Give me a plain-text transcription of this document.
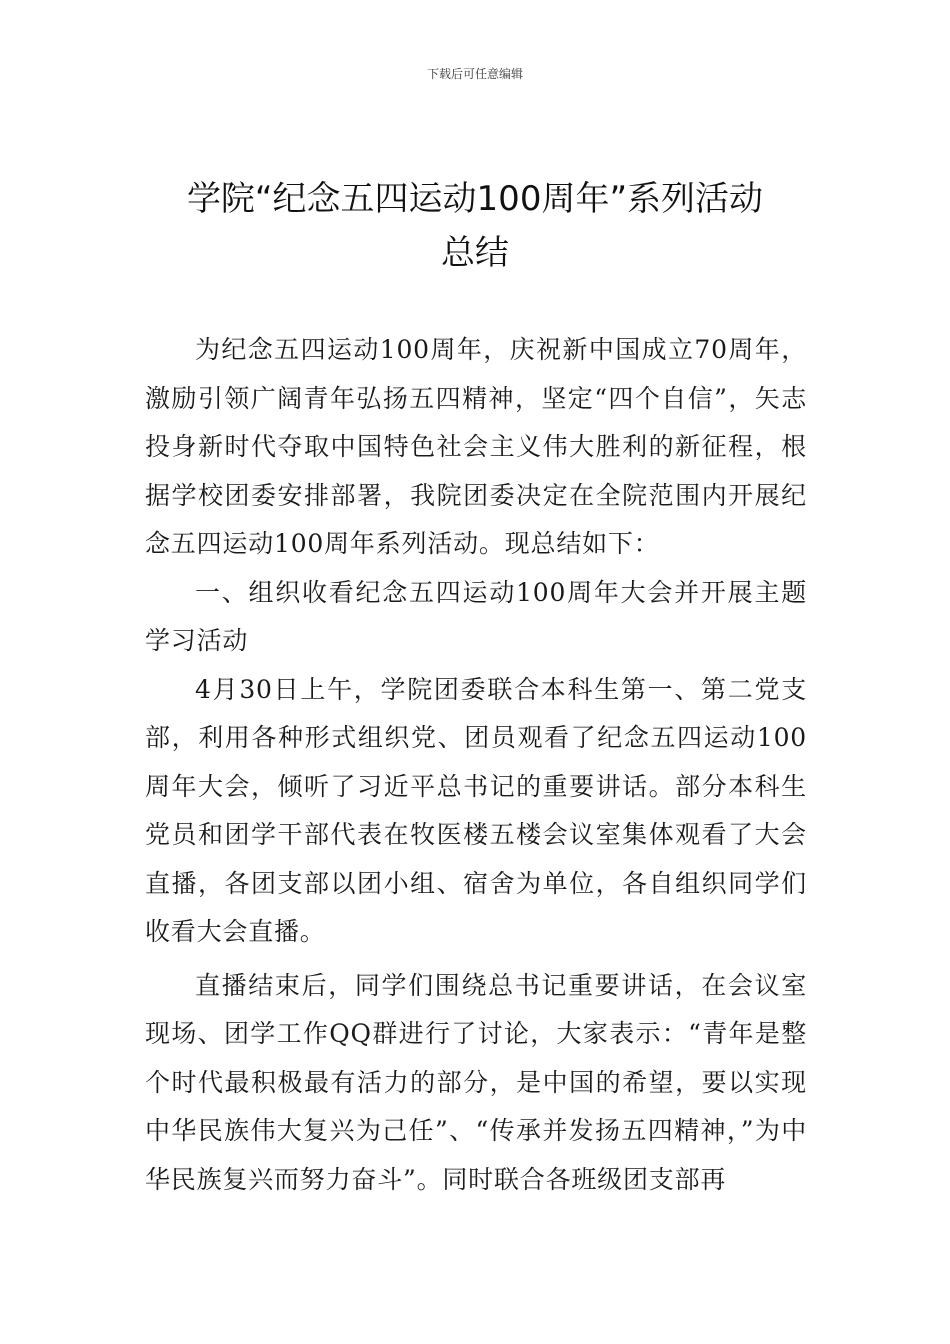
下载后可任意编辑
学院“纪念五四运动100周年”系列活动
总结

为纪念五四运动100周年，庆祝新中国成立70周年，激励引领广阔青年弘扬五四精神，坚定“四个自信”，矢志投身新时代夺取中国特色社会主义伟大胜利的新征程，根据学校团委安排部署，我院团委决定在全院范围内开展纪念五四运动100周年系列活动。现总结如下：

一、组织收看纪念五四运动100周年大会并开展主题学习活动

4月30日上午，学院团委联合本科生第一、第二党支部，利用各种形式组织党、团员观看了纪念五四运动100周年大会，倾听了习近平总书记的重要讲话。部分本科生党员和团学干部代表在牧医楼五楼会议室集体观看了大会直播，各团支部以团小组、宿舍为单位，各自组织同学们收看大会直播。

直播结束后，同学们围绕总书记重要讲话，在会议室现场、团学工作QQ群进行了讨论，大家表示：“青年是整个时代最积极最有活力的部分，是中国的希望，要以实现中华民族伟大复兴为己任”、“传承并发扬五四精神，”为中华民族复兴而努力奋斗”。同时联合各班级团支部再
